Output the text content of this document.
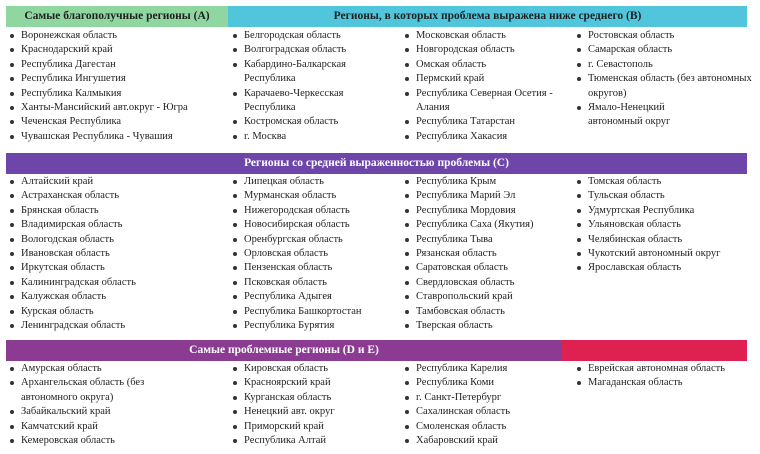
Самые благополучные регионы (A)	Регионы, в которых проблема выражена ниже среднего (B)
Регионы со средней выраженностью проблемы (C)
Самые проблемные регионы (D и E)
Воронежская область
Краснодарский край
Республика Дагестан
Республика Ингушетия
Республика Калмыкия
Ханты-Мансийский авт.округ - Югра
Чеченская Республика
Чувашская Республика - Чувашия
Белгородская область
Волгоградская область
Кабардино-Балкарская Республика
Карачаево-Черкесская Республика
Костромская область
г. Москва
Московская область
Новгородская область
Омская область
Пермский край
Республика Северная Осетия - Алания
Республика Татарстан
Республика Хакасия
Ростовская область
Самарская область
г. Севастополь
Тюменская область (без автономных округов)
Ямало-Ненецкий автономный округ
Алтайский край
Астраханская область
Брянская область
Владимирская область
Вологодская область
Ивановская область
Иркутская область
Калининградская область
Калужская область
Курская область
Ленинградская область
Липецкая область
Мурманская область
Нижегородская область
Новосибирская область
Оренбургская область
Орловская область
Пензенская область
Псковская область
Республика Адыгея
Республика Башкортостан
Республика Бурятия
Республика Крым
Республика Марий Эл
Республика Мордовия
Республика Саха (Якутия)
Республика Тыва
Рязанская область
Саратовская область
Свердловская область
Ставропольский край
Тамбовская область
Тверская область
Томская область
Тульская область
Удмуртская Республика
Ульяновская область
Челябинская область
Чукотский автономный округ
Ярославская область
Амурская область
Архангельская область (без автономного округа)
Забайкальский край
Камчатский край
Кемеровская область
Кировская область
Красноярский край
Курганская область
Ненецкий авт. округ
Приморский край
Республика Алтай
Республика Карелия
Республика Коми
г. Санкт-Петербург
Сахалинская область
Смоленская область
Хабаровский край
Еврейская автономная область
Магаданская область
